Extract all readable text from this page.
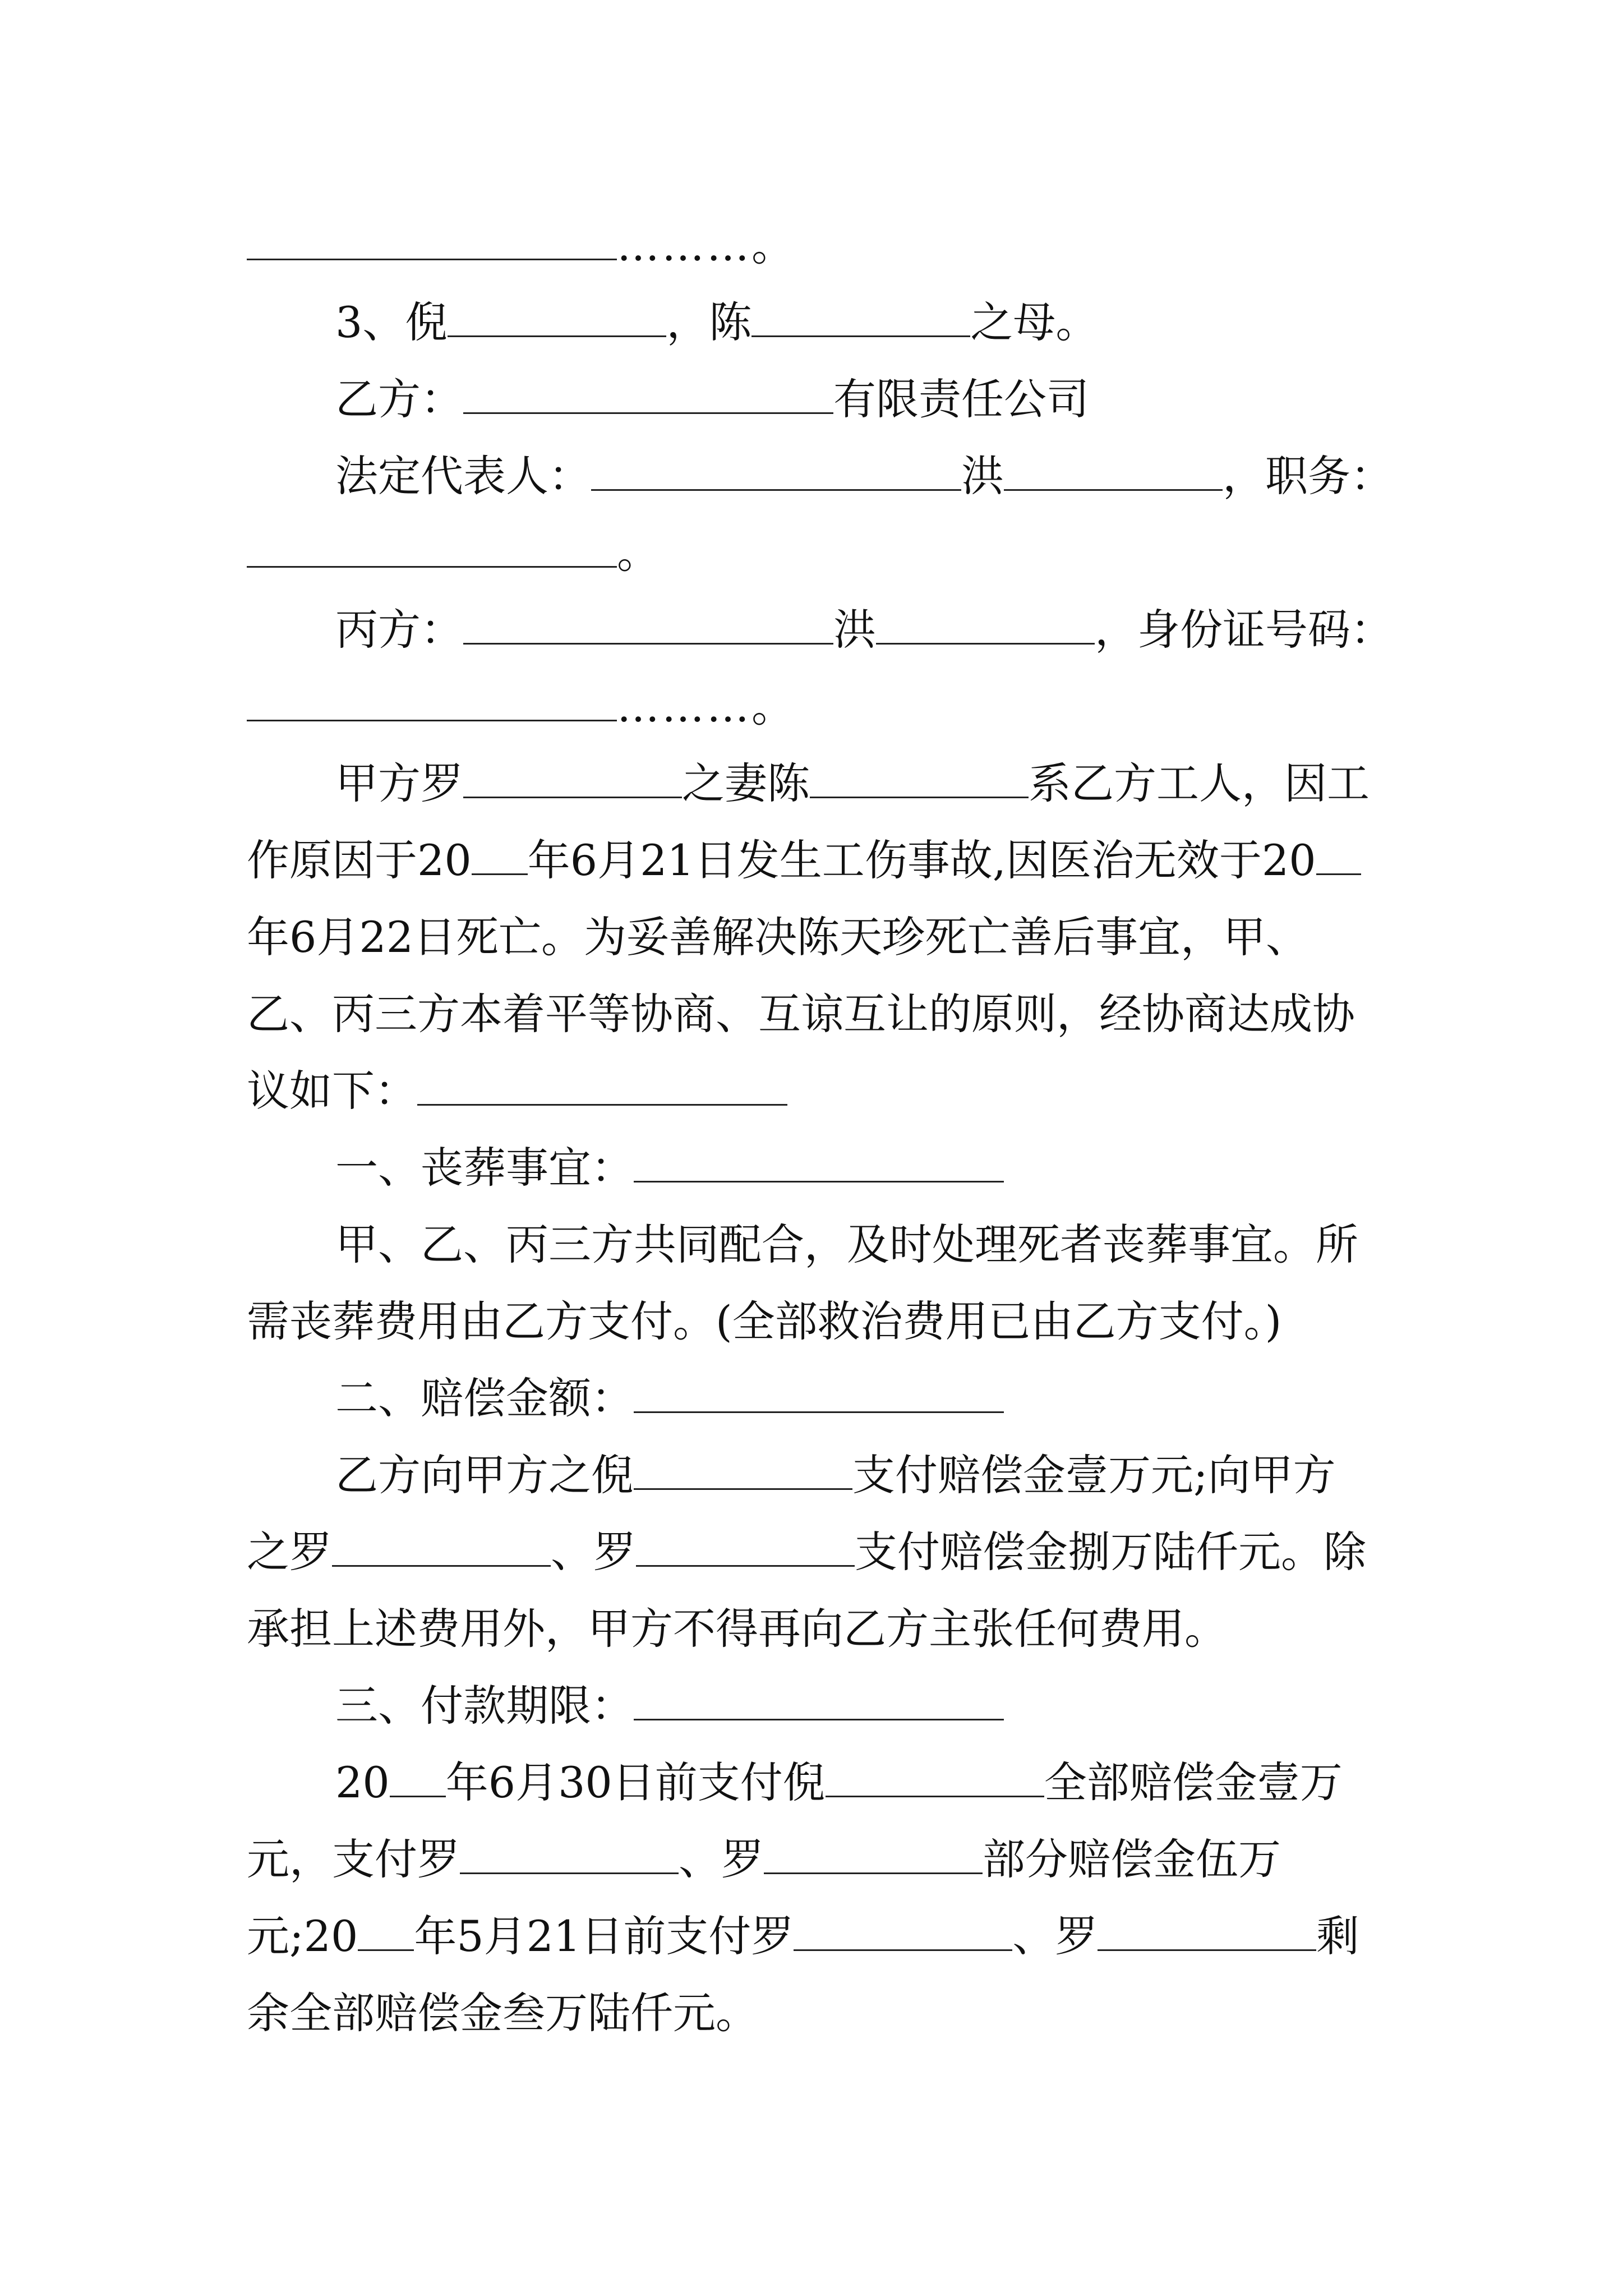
………。
3、倪	，陈	之母。
乙方：	有限责任公司
法定代表人：	洪	，职务：
。
丙方：	洪	，身份证号码：
………。
甲方罗	之妻陈	系乙方工人，因工
作原因于20 年6月21日发生工伤事故,因医治无效于20
年6月22日死亡。为妥善解决陈天珍死亡善后事宜，甲、
乙、丙三方本着平等协商、互谅互让的原则，经协商达成协
议如下：
一、丧葬事宜：
甲、乙、丙三方共同配合，及时处理死者丧葬事宜。所
需丧葬费用由乙方支付。(全部救治费用已由乙方支付。)
二、赔偿金额：
乙方向甲方之倪	支付赔偿金壹万元;向甲方
之罗	、罗	支付赔偿金捌万陆仟元。除
承担上述费用外，甲方不得再向乙方主张任何费用。
三、付款期限：
20 年6月30日前支付倪	全部赔偿金壹万
元，支付罗	、罗	部分赔偿金伍万
元;20 年5月21日前支付罗	、罗	剩
余全部赔偿金叁万陆仟元。
